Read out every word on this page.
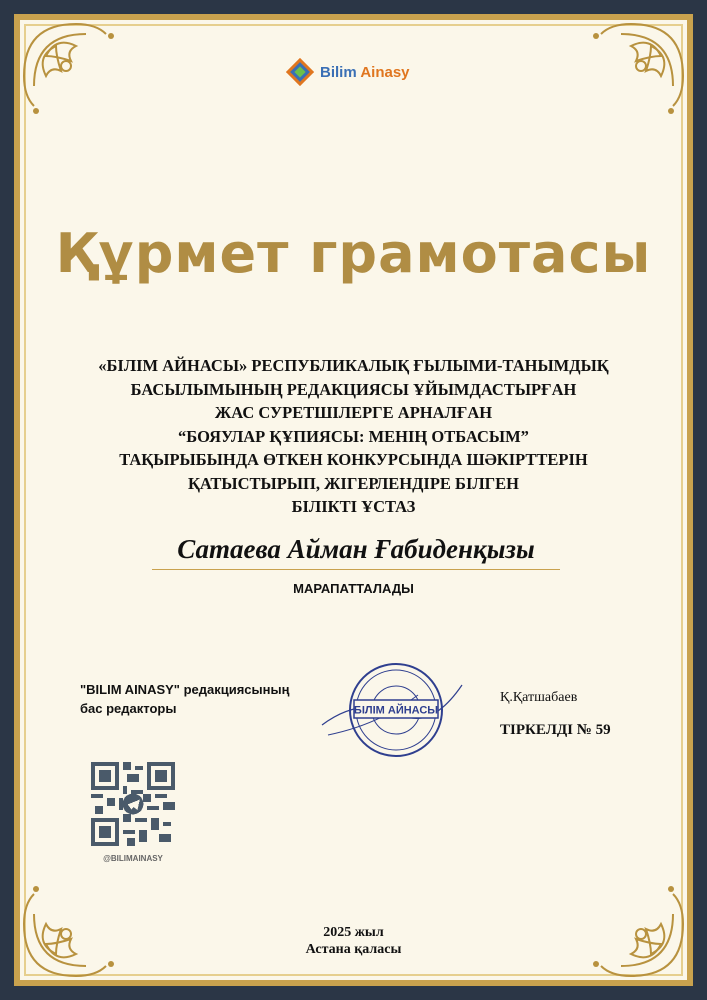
Bilim Ainasy
Құрмет грамотасы
«БІЛІМ АЙНАСЫ» РЕСПУБЛИКАЛЫҚ ҒЫЛЫМИ-ТАНЫМДЫҚ
БАСЫЛЫМЫНЫҢ РЕДАКЦИЯСЫ ҰЙЫМДАСТЫРҒАН
ЖАС СУРЕТШІЛЕРГЕ АРНАЛҒАН
“БОЯУЛАР ҚҰПИЯСЫ: МЕНІҢ ОТБАСЫМ”
ТАҚЫРЫБЫНДА ӨТКЕН КОНКУРСЫНДА ШӘКІРТТЕРІН
ҚАТЫСТЫРЫП, ЖІГЕРЛЕНДІРЕ БІЛГЕН
БІЛІКТІ ҰСТАЗ
Сатаева Айман Ғабиденқызы
МАРАПАТТАЛАДЫ
"BILIM AINASY" редакциясының
бас редакторы	БІЛІМ АЙНАСЫ
Қ.Қатшабаев
ТІРКЕЛДІ № 59
@BILIMAINASY
2025 жыл
Астана қаласы
